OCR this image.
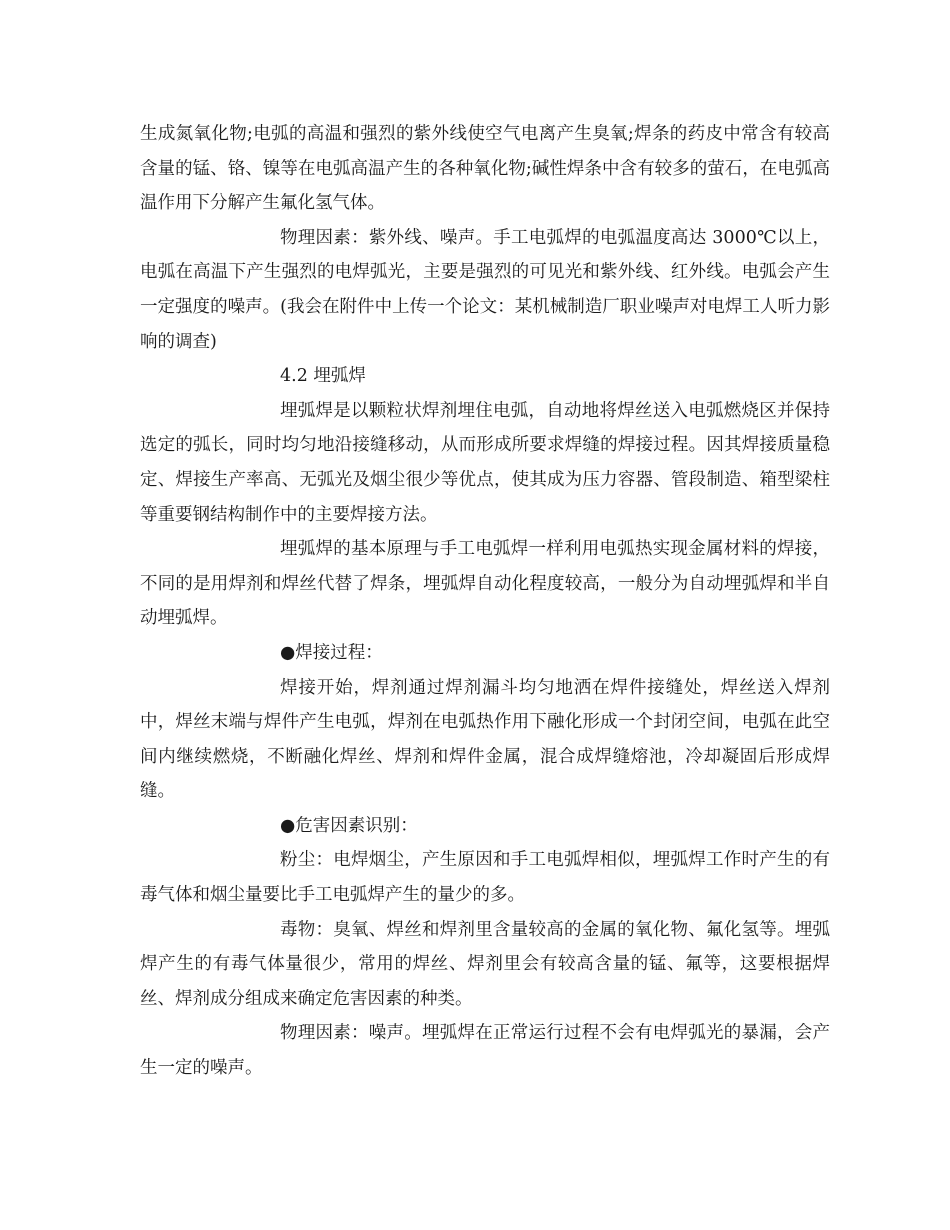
生成氮氧化物;电弧的高温和强烈的紫外线使空气电离产生臭氧;焊条的药皮中常含有较高含量的锰、铬、镍等在电弧高温产生的各种氧化物;碱性焊条中含有较多的萤石，在电弧高温作用下分解产生氟化氢气体。

物理因素：紫外线、噪声。手工电弧焊的电弧温度高达 3000℃以上，电弧在高温下产生强烈的电焊弧光，主要是强烈的可见光和紫外线、红外线。电弧会产生一定强度的噪声。(我会在附件中上传一个论文：某机械制造厂职业噪声对电焊工人听力影响的调查)

4.2 埋弧焊

埋弧焊是以颗粒状焊剂埋住电弧，自动地将焊丝送入电弧燃烧区并保持选定的弧长，同时均匀地沿接缝移动，从而形成所要求焊缝的焊接过程。因其焊接质量稳定、焊接生产率高、无弧光及烟尘很少等优点，使其成为压力容器、管段制造、箱型梁柱等重要钢结构制作中的主要焊接方法。

埋弧焊的基本原理与手工电弧焊一样利用电弧热实现金属材料的焊接，不同的是用焊剂和焊丝代替了焊条，埋弧焊自动化程度较高，一般分为自动埋弧焊和半自动埋弧焊。

●焊接过程：

焊接开始，焊剂通过焊剂漏斗均匀地洒在焊件接缝处，焊丝送入焊剂中，焊丝末端与焊件产生电弧，焊剂在电弧热作用下融化形成一个封闭空间，电弧在此空间内继续燃烧，不断融化焊丝、焊剂和焊件金属，混合成焊缝熔池，冷却凝固后形成焊缝。

●危害因素识别：

粉尘：电焊烟尘，产生原因和手工电弧焊相似，埋弧焊工作时产生的有毒气体和烟尘量要比手工电弧焊产生的量少的多。

毒物：臭氧、焊丝和焊剂里含量较高的金属的氧化物、氟化氢等。埋弧焊产生的有毒气体量很少，常用的焊丝、焊剂里会有较高含量的锰、氟等，这要根据焊丝、焊剂成分组成来确定危害因素的种类。

物理因素：噪声。埋弧焊在正常运行过程不会有电焊弧光的暴漏，会产生一定的噪声。
